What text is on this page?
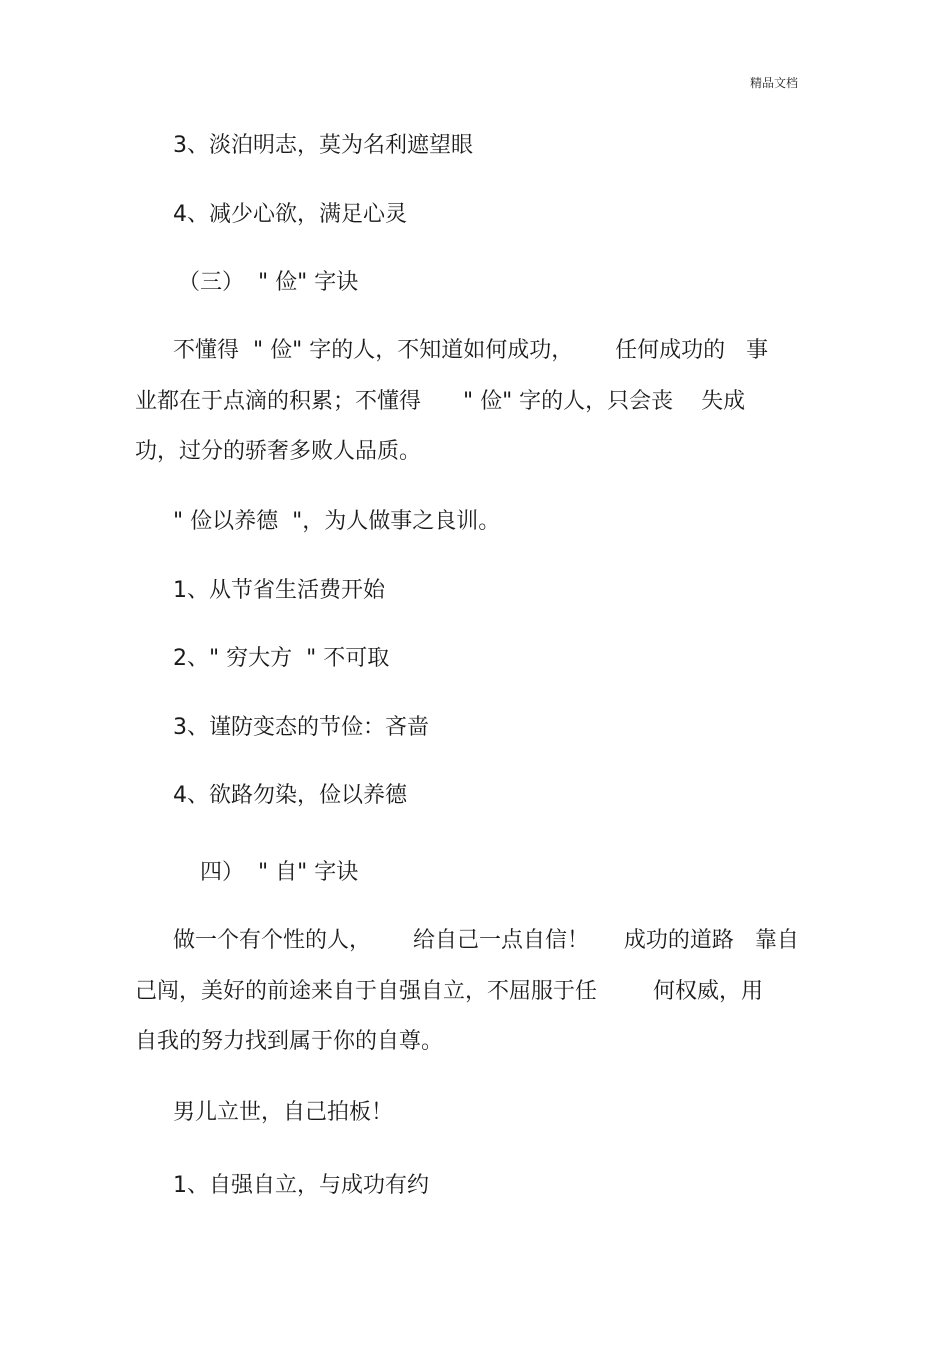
精品文档
3、淡泊明志，莫为名利遮望眼
4、减少心欲，满足心灵
（三）  " 俭" 字诀
不懂得  " 俭" 字的人，不知道如何成功，      任何成功的   事
业都在于点滴的积累；不懂得      " 俭" 字的人，只会丧    失成
功，过分的骄奢多败人品质。
" 俭以养德  "，为人做事之良训。
1、从节省生活费开始
2、" 穷大方  " 不可取
3、谨防变态的节俭：吝啬
4、欲路勿染，俭以养德
四）  " 自" 字诀
做一个有个性的人，      给自己一点自信！     成功的道路   靠自
己闯，美好的前途来自于自强自立，不屈服于任        何权威，用
自我的努力找到属于你的自尊。
男儿立世，自己拍板！
1、自强自立，与成功有约
